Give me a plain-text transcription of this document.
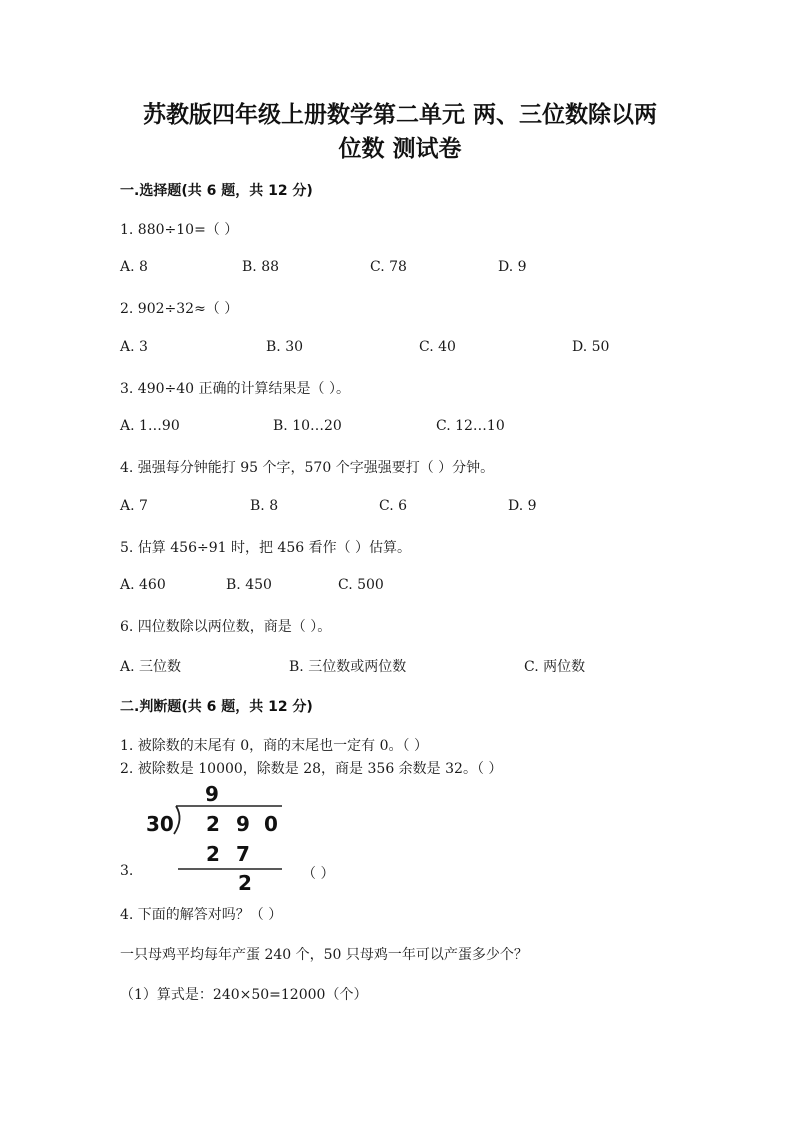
苏教版四年级上册数学第二单元 两、三位数除以两
位数 测试卷
一.选择题(共 6 题，共 12 分)
1. 880÷10=（ ）
A. 8	B. 88	C. 78	D. 9
2. 902÷32≈（ ）
A. 3	B. 30	C. 40	D. 50
3. 490÷40 正确的计算结果是（ ）。
A. 1…90	B. 10…20	C. 12…10
4. 强强每分钟能打 95 个字，570 个字强强要打（ ）分钟。
A. 7	B. 8	C. 6	D. 9
5. 估算 456÷91 时，把 456 看作（ ）估算。
A. 460	B. 450	C. 500
6. 四位数除以两位数，商是（ ）。
A. 三位数	B. 三位数或两位数	C. 两位数
二.判断题(共 6 题，共 12 分)
1. 被除数的末尾有 0，商的末尾也一定有 0。（ ）
2. 被除数是 10000，除数是 28，商是 356 余数是 32。（ ）
9
30 2 9 0
2 7
2
3.	（ ）
4. 下面的解答对吗？（ ）
一只母鸡平均每年产蛋 240 个，50 只母鸡一年可以产蛋多少个？
（1）算式是：240×50=12000（个）
